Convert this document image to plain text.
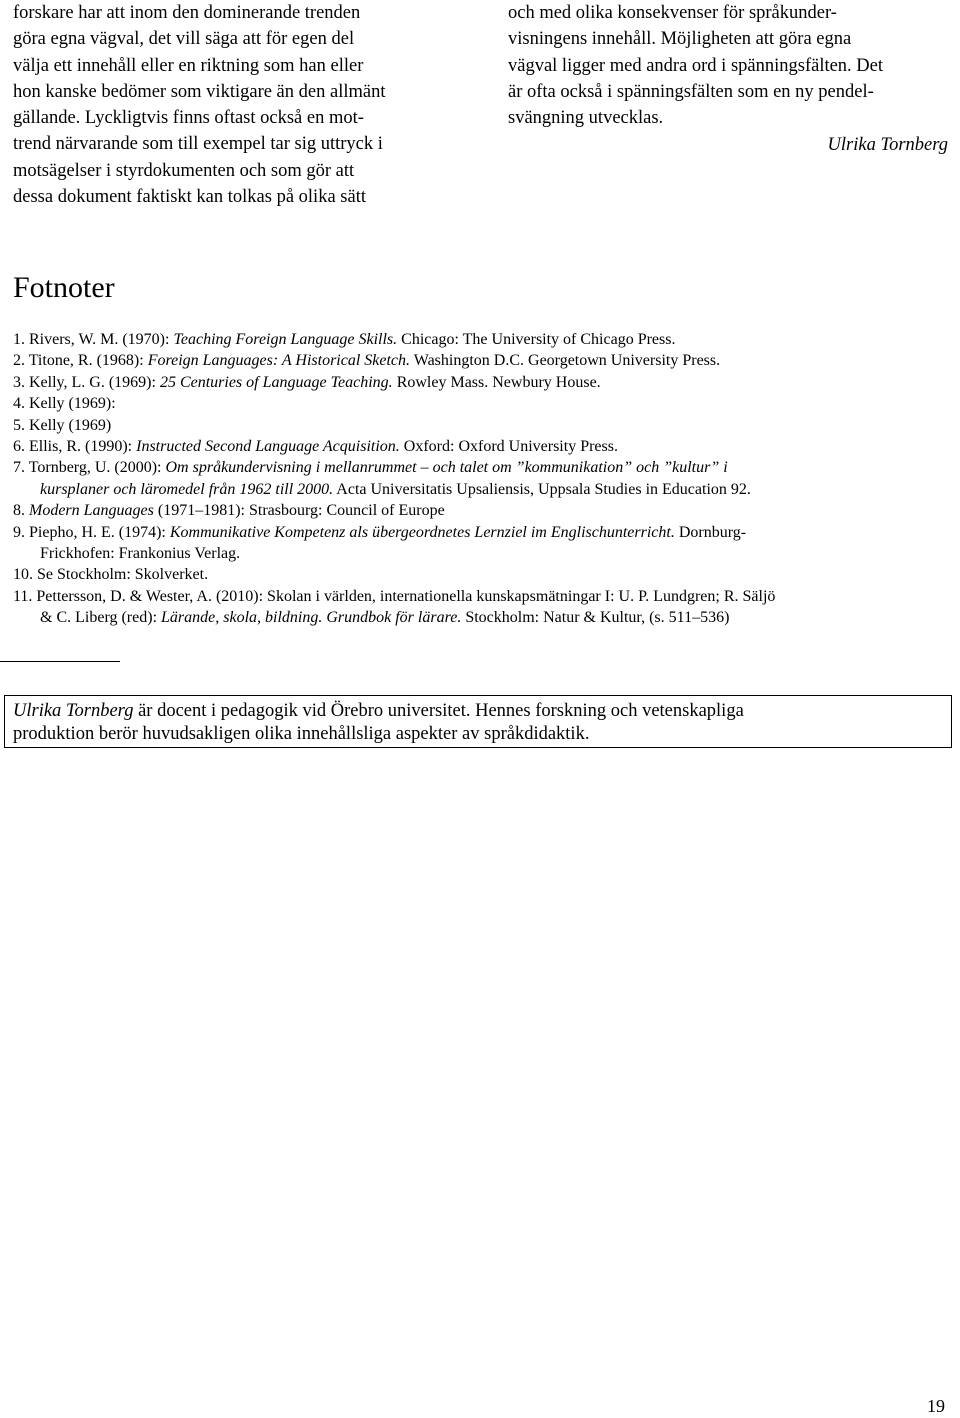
forskare har att inom den dominerande trenden
göra egna vägval, det vill säga att för egen del
välja ett innehåll eller en riktning som han eller
hon kanske bedömer som viktigare än den allmänt
gällande. Lyckligtvis finns oftast också en mot-
trend närvarande som till exempel tar sig uttryck i
motsägelser i styrdokumenten och som gör att
dessa dokument faktiskt kan tolkas på olika sätt
och med olika konsekvenser för språkunder-
visningens innehåll. Möjligheten att göra egna
vägval ligger med andra ord i spänningsfälten. Det
är ofta också i spänningsfälten som en ny pendel-
svängning utvecklas.
Ulrika Tornberg
Fotnoter
1. Rivers, W. M. (1970): Teaching Foreign Language Skills. Chicago: The University of Chicago Press.
2. Titone, R. (1968): Foreign Languages: A Historical Sketch. Washington D.C. Georgetown University Press.
3. Kelly, L. G. (1969): 25 Centuries of Language Teaching. Rowley Mass. Newbury House.
4. Kelly (1969):
5. Kelly (1969)
6. Ellis, R. (1990): Instructed Second Language Acquisition. Oxford: Oxford University Press.
7. Tornberg, U. (2000): Om språkundervisning i mellanrummet – och talet om ”kommunikation” och ”kultur” i
kursplaner och läromedel från 1962 till 2000. Acta Universitatis Upsaliensis, Uppsala Studies in Education 92.
8. Modern Languages (1971–1981): Strasbourg: Council of Europe
9. Piepho, H. E. (1974): Kommunikative Kompetenz als übergeordnetes Lernziel im Englischunterricht. Dornburg-
Frickhofen: Frankonius Verlag.
10. Se Stockholm: Skolverket.
11. Pettersson, D. & Wester, A. (2010): Skolan i världen, internationella kunskapsmätningar I: U. P. Lundgren; R. Säljö
& C. Liberg (red): Lärande, skola, bildning. Grundbok för lärare. Stockholm: Natur & Kultur, (s. 511–536)
Ulrika Tornberg är docent i pedagogik vid Örebro universitet. Hennes forskning och vetenskapliga
produktion berör huvudsakligen olika innehållsliga aspekter av språkdidaktik.
19
